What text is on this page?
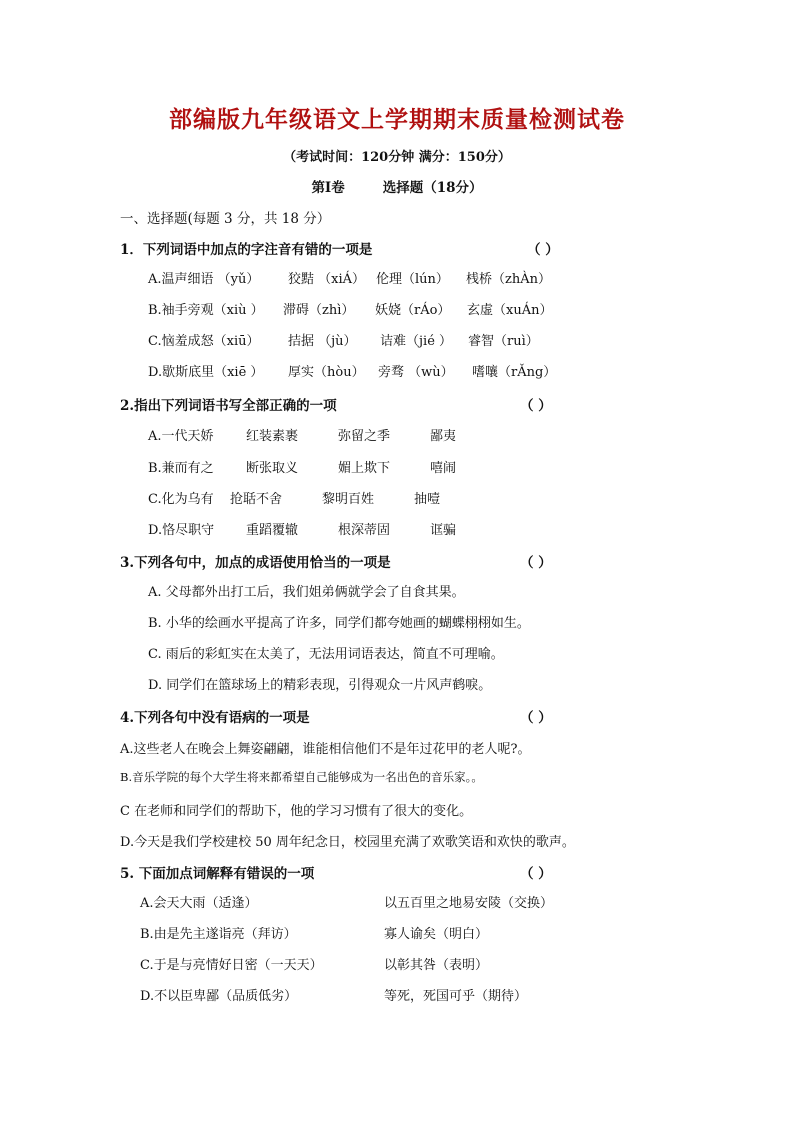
部编版九年级语文上学期期末质量检测试卷
（考试时间：120分钟 满分：150分）
第Ⅰ卷	选择题（18分）
一、选择题(每题 3 分，共 18 分）
1．下列词语中加点的字注音有错的一项是	（ ）
A.温声细语 （yǔ） 狡黠 （xiÁ） 伦理（lún） 桟桥（zhÀn）
B.袖手旁观（xiù ） 滞碍（zhì） 妖娆（rÁo） 玄虚（xuÁn）
C.恼羞成怒（xiū） 拮据 （jù） 诘难（jié ） 睿智（ruì）
D.歇斯底里（xiē ） 厚实（hòu） 旁骛 （wù） 嗜嚷（rǍng）
2.指出下列词语书写全部正确的一项	（ ）
A.一代天娇 红装素裹	弥留之季	鄙夷
B.兼而有之 断张取义	媚上欺下	嘻闹
C.化为乌有 抢聒不舍	黎明百姓	抽噎
D.恪尽职守 重蹈覆辙	根深蒂固	诓骗
3.下列各句中，加点的成语使用恰当的一项是	（ ）
A. 父母都外出打工后，我们姐弟俩就学会了自食其果。
B. 小华的绘画水平提高了许多，同学们都夸她画的蝴蝶栩栩如生。
C. 雨后的彩虹实在太美了，无法用词语表达，简直不可理喻。
D. 同学们在篮球场上的精彩表现，引得观众一片风声鹤唳。
4.下列各句中没有语病的一项是	（ ）
A.这些老人在晚会上舞姿翩翩，谁能相信他们不是年过花甲的老人呢?。
B.音乐学院的每个大学生将来都希望自己能够成为一名出色的音乐家。。
C 在老师和同学们的帮助下，他的学习习惯有了很大的变化。
D.今天是我们学校建校 50 周年纪念日，校园里充满了欢歌笑语和欢快的歌声。
5. 下面加点词解释有错误的一项	（ ）
A.会天大雨（适逢）	以五百里之地易安陵（交换）
B.由是先主遂诣亮（拜访）	寡人谕矣（明白）
C.于是与亮情好日密（一天天）	以彰其咎（表明）
D.不以臣卑鄙（品质低劣）	等死，死国可乎（期待）
